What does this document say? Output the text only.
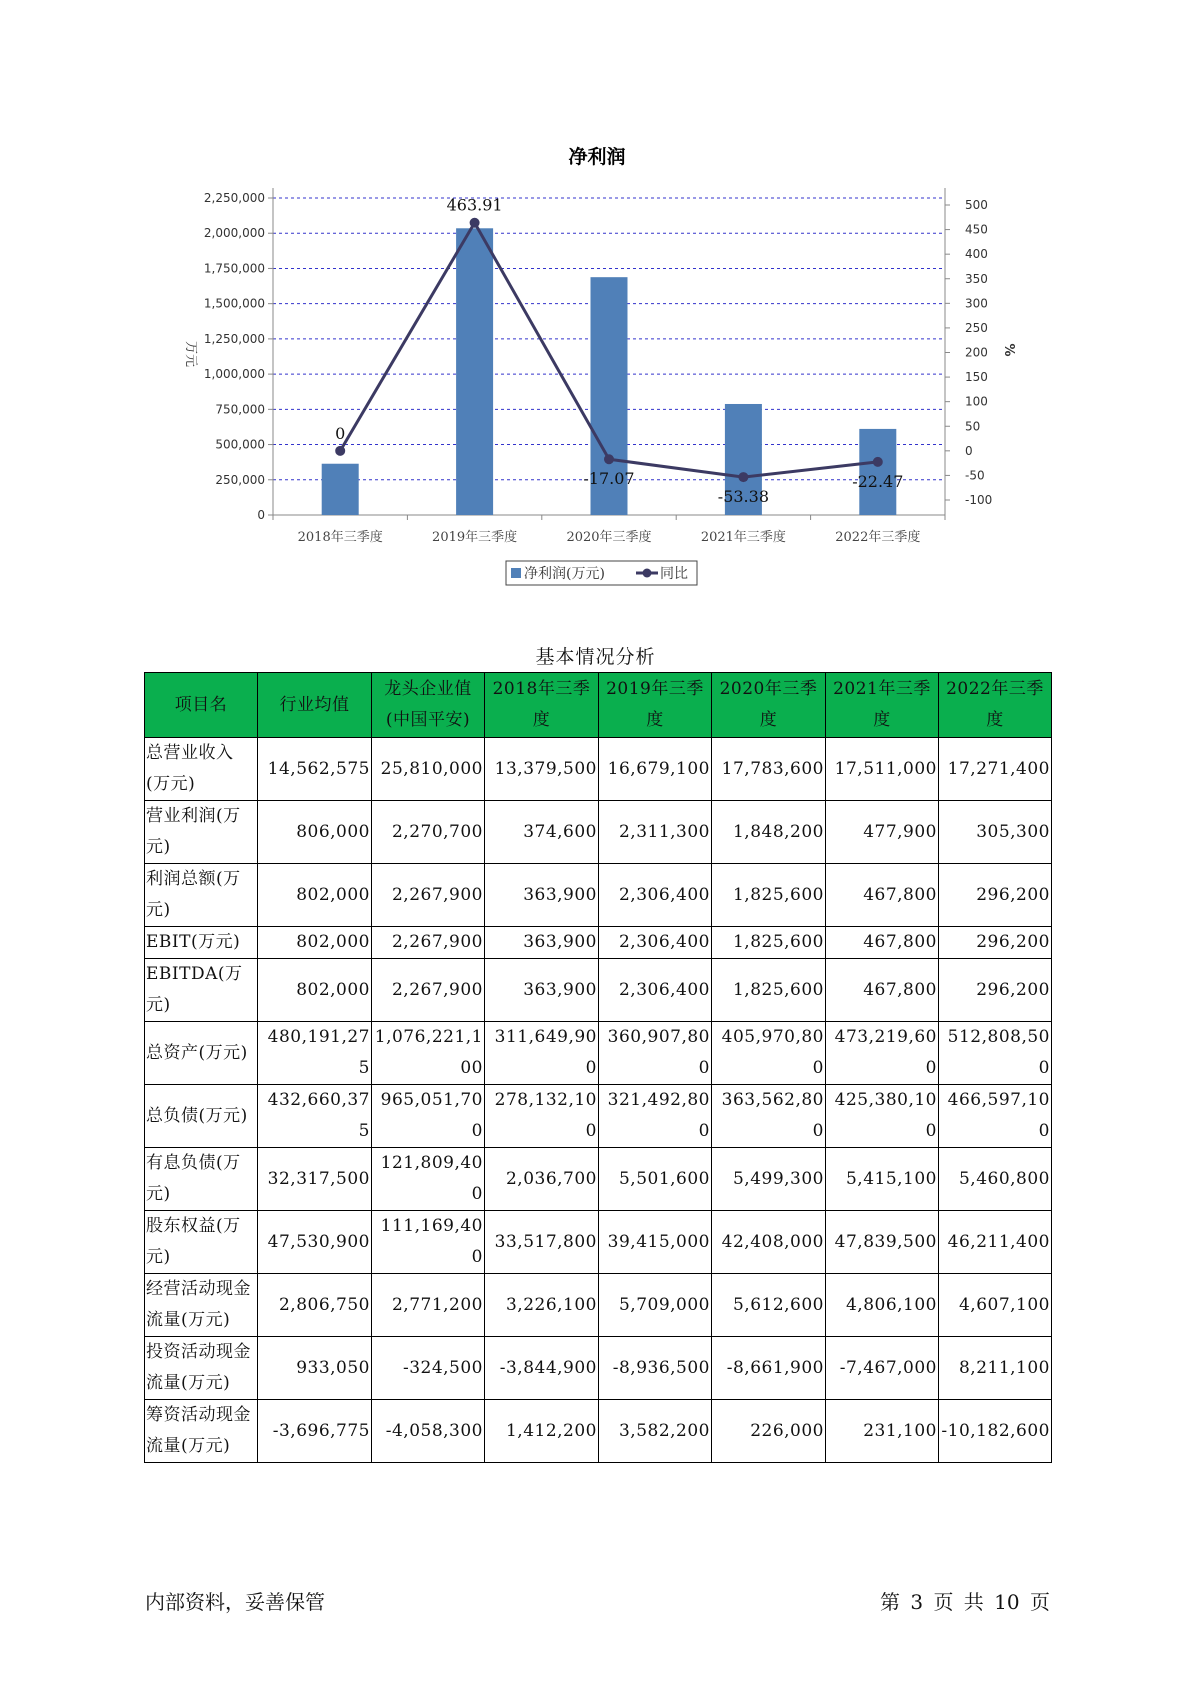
净利润
0
250,000
500,000
750,000
1,000,000
1,250,000
1,500,000
1,750,000
2,000,000
2,250,000
-100
-50
0
50
100
150
200
250
300
350
400
450
500
2018年三季度	2019年三季度	2020年三季度	2021年三季度	2022年三季度
0
463.91
-17.07
-53.38
-22.47
万元	%
净利润(万元)	同比
基本情况分析
项目名	行业均值	龙头企业值(中国平安)	2018年三季度	2019年三季度	2020年三季度	2021年三季度	2022年三季度
总营业收入(万元)	14,562,575	25,810,000	13,379,500	16,679,100	17,783,600	17,511,000	17,271,400
营业利润(万元)	806,000	2,270,700	374,600	2,311,300	1,848,200	477,900	305,300
利润总额(万元)	802,000	2,267,900	363,900	2,306,400	1,825,600	467,800	296,200
EBIT(万元)	802,000	2,267,900	363,900	2,306,400	1,825,600	467,800	296,200
EBITDA(万元)	802,000	2,267,900	363,900	2,306,400	1,825,600	467,800	296,200
总资产(万元)	480,191,275	1,076,221,100	311,649,900	360,907,800	405,970,800	473,219,600	512,808,500
总负债(万元)	432,660,375	965,051,700	278,132,100	321,492,800	363,562,800	425,380,100	466,597,100
有息负债(万元)	32,317,500	121,809,400	2,036,700	5,501,600	5,499,300	5,415,100	5,460,800
股东权益(万元)	47,530,900	111,169,400	33,517,800	39,415,000	42,408,000	47,839,500	46,211,400
经营活动现金流量(万元)	2,806,750	2,771,200	3,226,100	5,709,000	5,612,600	4,806,100	4,607,100
投资活动现金流量(万元)	933,050	-324,500	-3,844,900	-8,936,500	-8,661,900	-7,467,000	8,211,100
筹资活动现金流量(万元)	-3,696,775	-4,058,300	1,412,200	3,582,200	226,000	231,100	-10,182,600
内部资料，妥善保管	第 3 页 共 10 页
